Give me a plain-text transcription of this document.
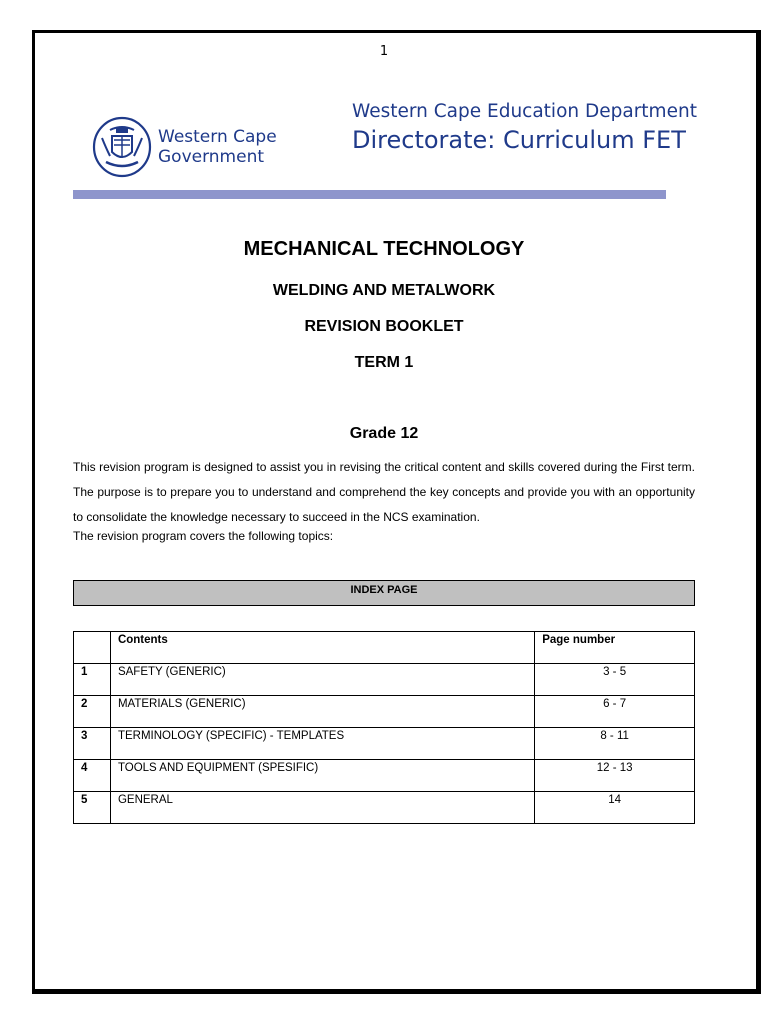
1
Western Cape
Government
Western Cape Education Department
Directorate: Curriculum FET
MECHANICAL TECHNOLOGY
WELDING AND METALWORK
REVISION BOOKLET
TERM 1
Grade 12
This revision program is designed to assist you in revising the critical content and skills covered during the First term. The purpose is to prepare you to understand and comprehend the key concepts and provide you with an opportunity to consolidate the knowledge necessary to succeed in the NCS examination.
The revision program covers the following topics:
INDEX PAGE
	Contents	Page number
1	SAFETY (GENERIC)	3 - 5
2	MATERIALS (GENERIC)	6 - 7
3	TERMINOLOGY (SPECIFIC) - TEMPLATES	8 - 11
4	TOOLS AND EQUIPMENT (SPESIFIC)	12 - 13
5	GENERAL	14
